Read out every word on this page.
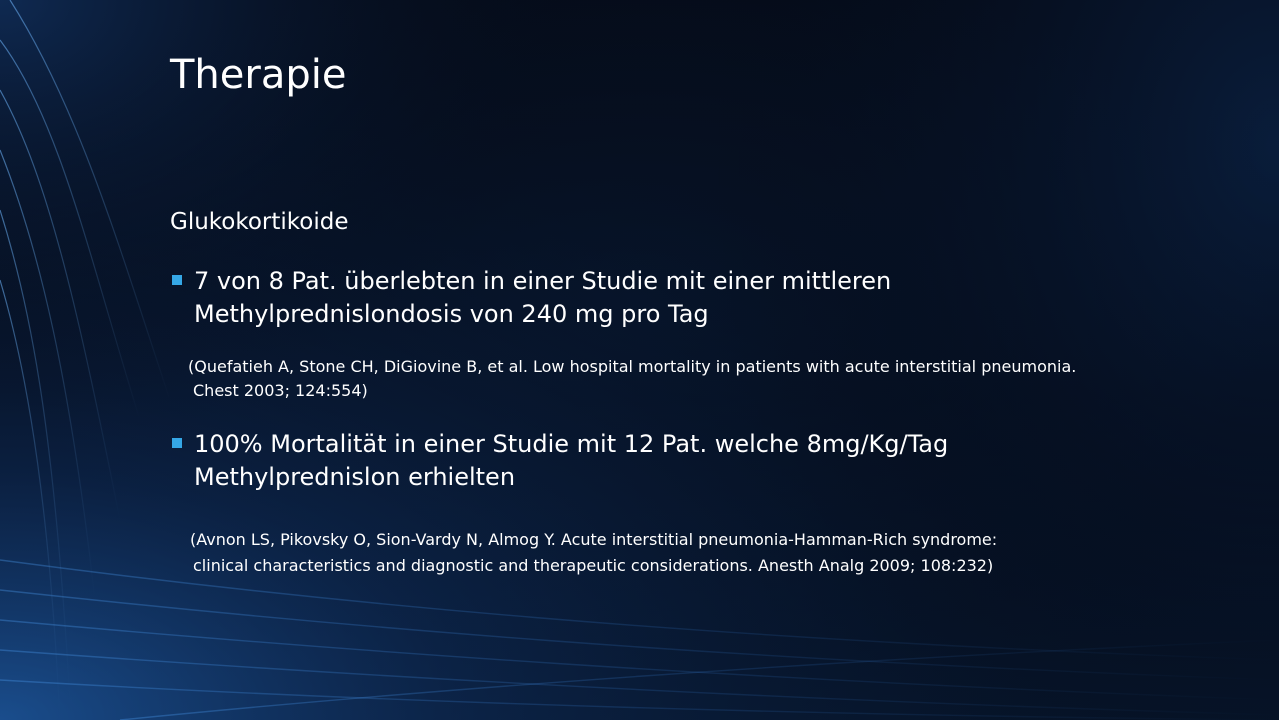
Therapie
Glukokortikoide
7 von 8 Pat. überlebten in einer Studie mit einer mittleren
Methylprednislondosis von 240 mg pro Tag
(Quefatieh A, Stone CH, DiGiovine B, et al. Low hospital mortality in patients with acute interstitial pneumonia.
Chest 2003; 124:554)
100% Mortalität in einer Studie mit 12 Pat. welche 8mg/Kg/Tag
Methylprednislon erhielten
(Avnon LS, Pikovsky O, Sion-Vardy N, Almog Y. Acute interstitial pneumonia-Hamman-Rich syndrome:
clinical characteristics and diagnostic and therapeutic considerations. Anesth Analg 2009; 108:232)
